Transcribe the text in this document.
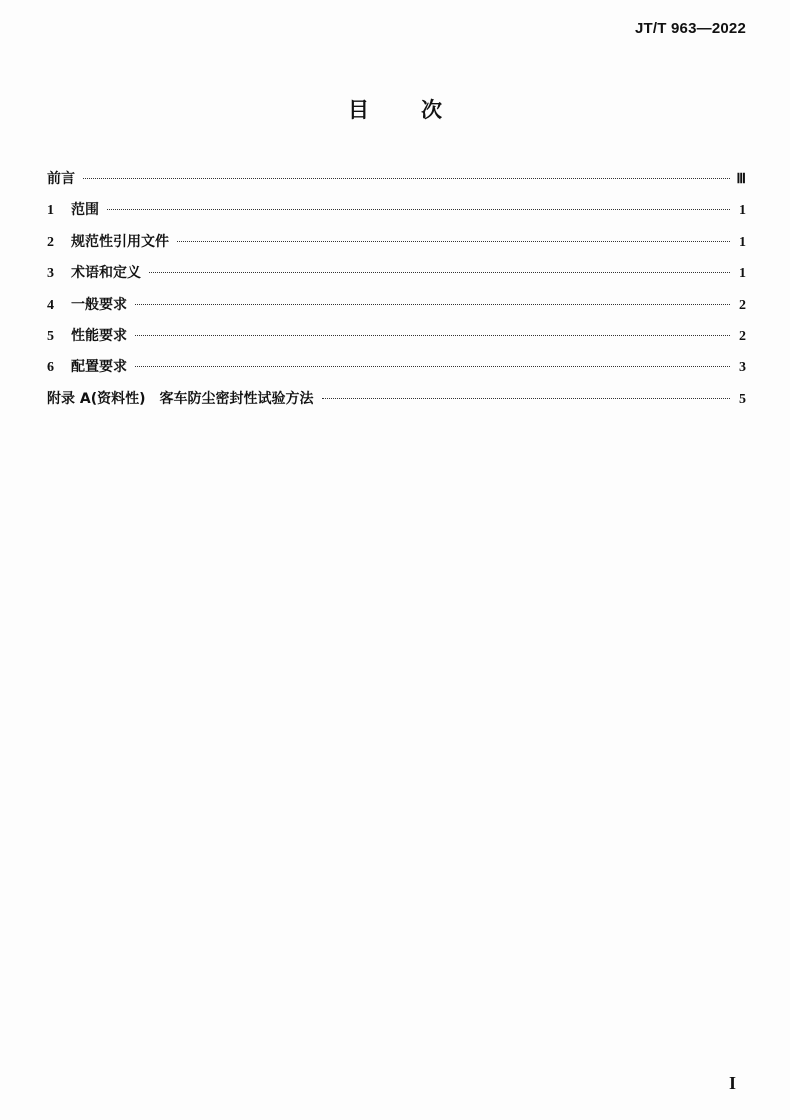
JT/T 963—2022
目 次
前言	Ⅲ
1	范围	1
2	规范性引用文件	1
3	术语和定义	1
4	一般要求	2
5	性能要求	2
6	配置要求	3
附录 A(资料性)　客车防尘密封性试验方法	5
I
